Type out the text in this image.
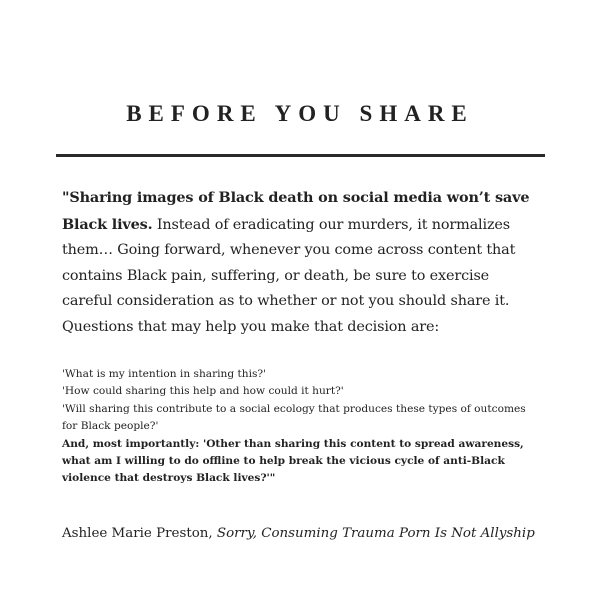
BEFORE YOU SHARE
"Sharing images of Black death on social media won’t save Black lives. Instead of eradicating our murders, it normalizes them… Going forward, whenever you come across content that contains Black pain, suffering, or death, be sure to exercise careful consideration as to whether or not you should share it. Questions that may help you make that decision are:
'What is my intention in sharing this?'
'How could sharing this help and how could it hurt?'
'Will sharing this contribute to a social ecology that produces these types of outcomes for Black people?'
And, most importantly: 'Other than sharing this content to spread awareness, what am I willing to do offline to help break the vicious cycle of anti-Black violence that destroys Black lives?'"
Ashlee Marie Preston, Sorry, Consuming Trauma Porn Is Not Allyship
